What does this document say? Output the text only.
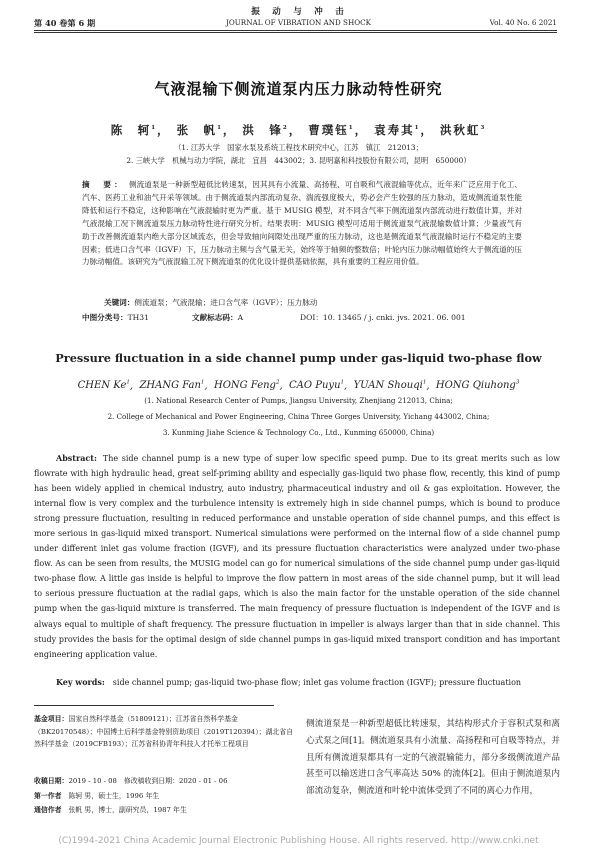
振　动　与　冲　击
第 40 卷第 6 期	JOURNAL OF VIBRATION AND SHOCK	Vol. 40 No. 6 2021
气液混输下侧流道泵内压力脉动特性研究
陈　轲$^1$， 张　帆$^1$， 洪　锋$^2$， 曹璞钰$^1$， 袁寿其$^1$， 洪秋虹$^3$
（1. 江苏大学　国家水泵及系统工程技术研究中心，江苏　镇江　212013；
2. 三峡大学　机械与动力学院，湖北　宜昌　443002；3. 昆明嘉和科技股份有限公司，昆明　650000）
摘　要： 侧流道泵是一种新型超低比转速泵，因其具有小流量、高扬程、可自吸和气液混输等优点，近年来广泛应用于化工、汽车、医药工业和油气开采等领域。由于侧流道泵内部流动复杂、湍流强度极大，势必会产生较强的压力脉动，造成侧流道泵性能降低和运行不稳定，这种影响在气液混输时更为严重。基于 MUSIG 模型，对不同含气率下侧流道泵内部流动进行数值计算，并对气液混输工况下侧流道泵压力脉动特性进行研究分析。结果表明：MUSIG 模型可适用于侧流道泵气液混输数值计算；少量液气有助于改善侧流道泵内绝大部分区域流态，但会导致轴向间隙处出现严重的压力脉动，这也是侧流道泵气液混输时运行不稳定的主要因素；低进口含气率（IGVF）下，压力脉动主频与含气量无关，始终等于轴频的整数倍；叶轮内压力脉动幅值始终大于侧流道的压力脉动幅值。该研究为气液混输工况下侧流道泵的优化设计提供基础依据，具有重要的工程应用价值。
关键词：侧流道泵；气液混输；进口含气率（IGVF）；压力脉动
中图分类号：TH31	文献标志码：A	DOI：10. 13465 / j. cnki. jvs. 2021. 06. 001
Pressure fluctuation in a side channel pump under gas-liquid two-phase flow
CHEN Ke$^1$,  ZHANG Fan$^1$,  HONG Feng$^2$,  CAO Puyu$^1$,  YUAN Shouqi$^1$,  HONG Qiuhong$^3$
(1. National Research Center of Pumps, Jiangsu University, Zhenjiang 212013, China;
2. College of Mechanical and Power Engineering, China Three Gorges University, Yichang 443002, China;
3. Kunming Jiahe Science & Technology Co., Ltd., Kunming 650000, China)
Abstract: The side channel pump is a new type of super low specific speed pump. Due to its great merits such as low flowrate with high hydraulic head, great self-priming ability and especially gas-liquid two phase flow, recently, this kind of pump has been widely applied in chemical industry, auto industry, pharmaceutical industry and oil & gas exploitation. However, the internal flow is very complex and the turbulence intensity is extremely high in side channel pumps, which is bound to produce strong pressure fluctuation, resulting in reduced performance and unstable operation of side channel pumps, and this effect is more serious in gas-liquid mixed transport. Numerical simulations were performed on the internal flow of a side channel pump under different inlet gas volume fraction (IGVF), and its pressure fluctuation characteristics were analyzed under two-phase flow. As can be seen from results, the MUSIG model can go for numerical simulations of the side channel pump under gas-liquid two-phase flow. A little gas inside is helpful to improve the flow pattern in most areas of the side channel pump, but it will lead to serious pressure fluctuation at the radial gaps, which is also the main factor for the unstable operation of the side channel pump when the gas-liquid mixture is transferred. The main frequency of pressure fluctuation is independent of the IGVF and is always equal to multiple of shaft frequency. The pressure fluctuation in impeller is always larger than that in side channel. This study provides the basis for the optimal design of side channel pumps in gas-liquid mixed transport condition and has important engineering application value.
Key words: side channel pump; gas-liquid two-phase flow; inlet gas volume fraction (IGVF); pressure fluctuation
基金项目：国家自然科学基金（51809121）；江苏省自然科学基金（BK20170548）；中国博士后科学基金特别资助项目（2019T120394）；湖北省自然科学基金（2019CFB193）；江苏省科协青年科技人才托举工程项目
收稿日期：2019 - 10 - 08　修改稿收到日期：2020 - 01 - 06
第一作者　 陈轲 男，硕士生，1996 年生
通信作者　 张帆 男，博士，副研究员，1987 年生
侧流道泵是一种新型超低比转速泵，其结构形式介于容积式泵和离心式泵之间[1]。侧流道泵具有小流量、高扬程和可自吸等特点，并且所有侧流道泵都具有一定的气液混输能力，部分多级侧流道产品甚至可以输送进口含气率高达 50% 的流体[2]。但由于侧流道泵内部流动复杂，侧流道和叶轮中流体受到了不同的离心力作用，
(C)1994-2021 China Academic Journal Electronic Publishing House. All rights reserved. http://www.cnki.net
